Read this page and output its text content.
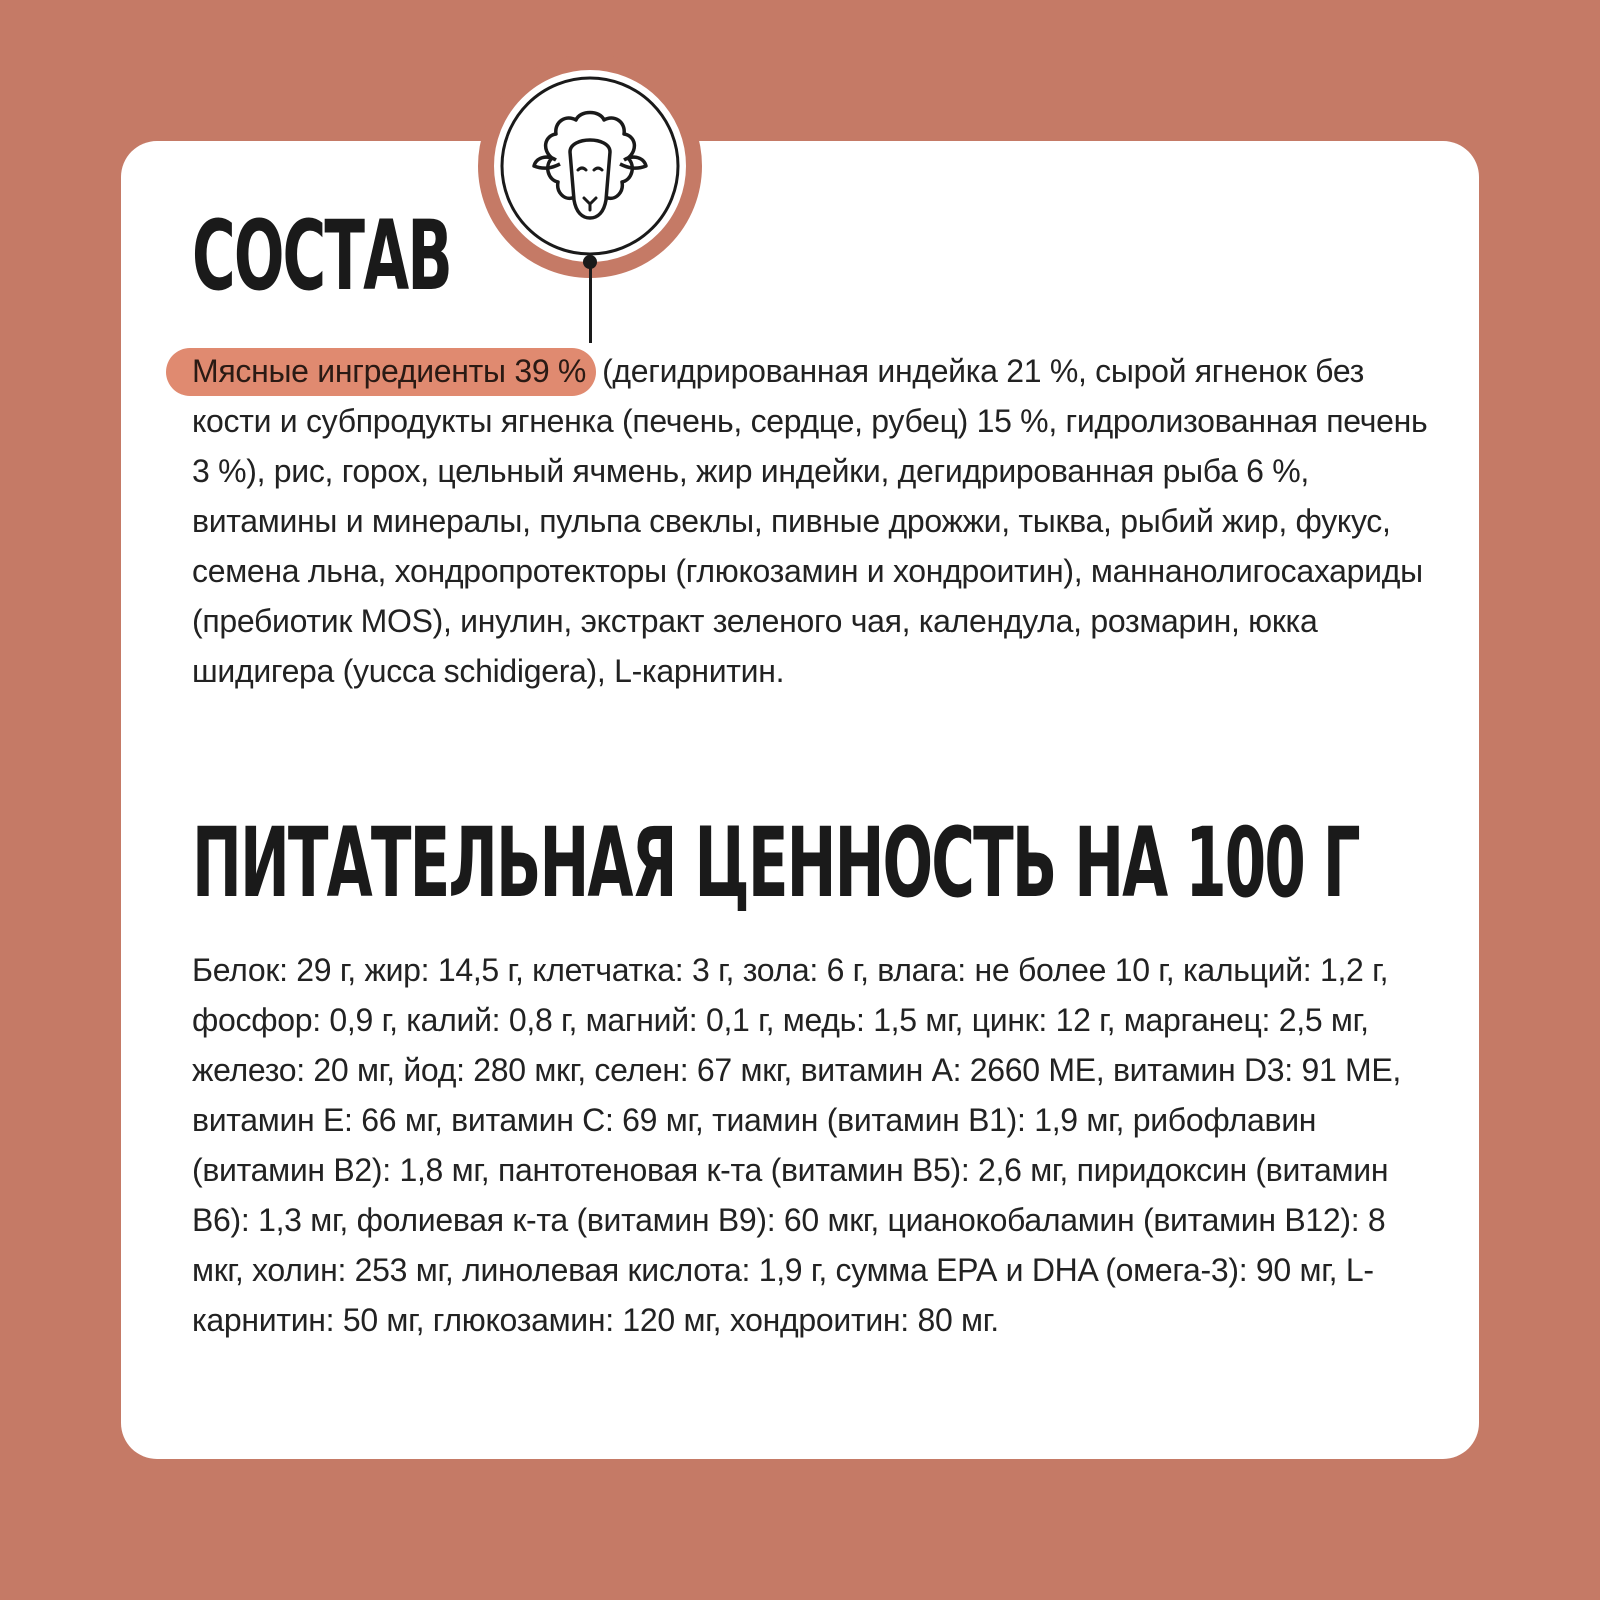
СОСТАВ

Мясные ингредиенты 39 % (дегидрированная индейка 21 %, сырой ягненок без кости и субпродукты ягненка (печень, сердце, рубец) 15 %, гидролизованная печень 3 %), рис, горох, цельный ячмень, жир индейки, дегидрированная рыба 6 %, витамины и минералы, пульпа свеклы, пивные дрожжи, тыква, рыбий жир, фукус, семена льна, хондропротекторы (глюкозамин и хондроитин), маннанолигосахариды (пребиотик MOS), инулин, экстракт зеленого чая, календула, розмарин, юкка шидигера (yucca schidigera), L-карнитин.

ПИТАТЕЛЬНАЯ ЦЕННОСТЬ НА 100 Г

Белок: 29 г, жир: 14,5 г, клетчатка: 3 г, зола: 6 г, влага: не более 10 г, кальций: 1,2 г, фосфор: 0,9 г, калий: 0,8 г, магний: 0,1 г, медь: 1,5 мг, цинк: 12 г, марганец: 2,5 мг, железо: 20 мг, йод: 280 мкг, селен: 67 мкг, витамин А: 2660 МЕ, витамин D3: 91 МЕ, витамин Е: 66 мг, витамин С: 69 мг, тиамин (витамин В1): 1,9 мг, рибофлавин (витамин В2): 1,8 мг, пантотеновая к-та (витамин В5): 2,6 мг, пиридоксин (витамин В6): 1,3 мг, фолиевая к-та (витамин В9): 60 мкг, цианокобаламин (витамин В12): 8 мкг, холин: 253 мг, линолевая кислота: 1,9 г, сумма ЕРА и DHA (омега-3): 90 мг, L-карнитин: 50 мг, глюкозамин: 120 мг, хондроитин: 80 мг.
